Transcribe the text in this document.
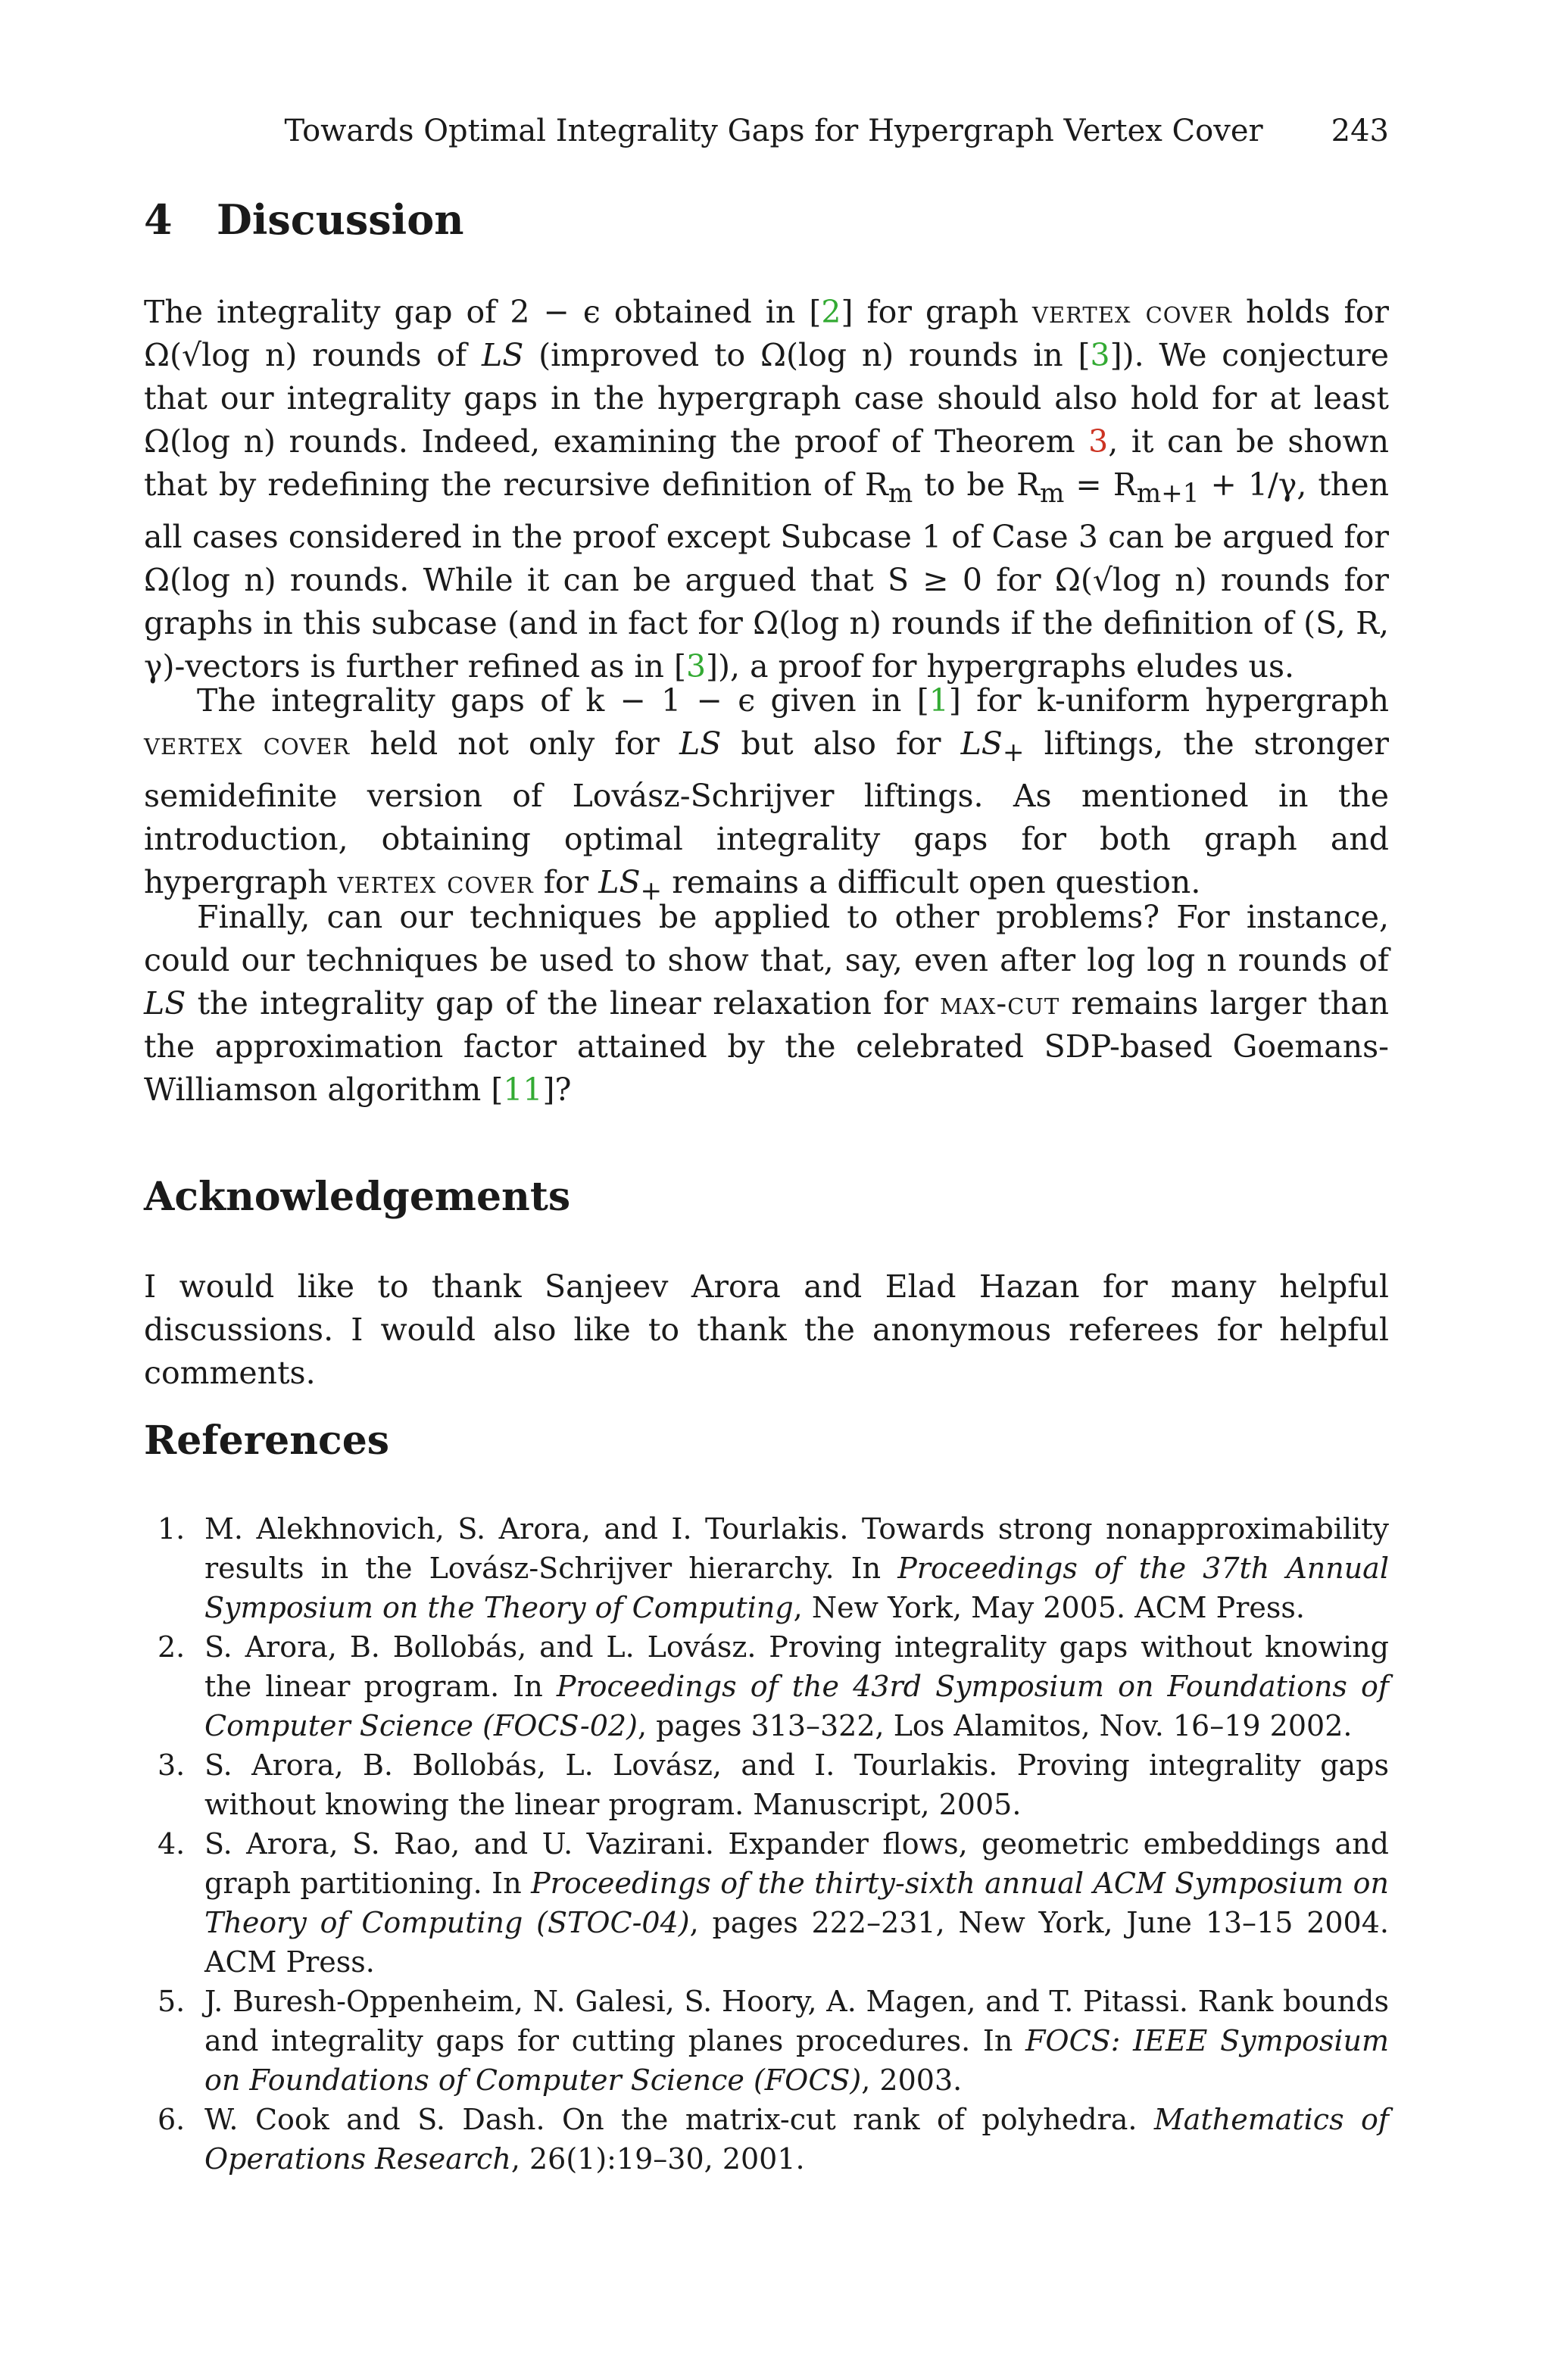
Towards Optimal Integrality Gaps for Hypergraph Vertex Cover 243
4 Discussion

The integrality gap of 2 − ϵ obtained in [2] for graph vertex cover holds for Ω(√log n) rounds of LS (improved to Ω(log n) rounds in [3]). We conjecture that our integrality gaps in the hypergraph case should also hold for at least Ω(log n) rounds. Indeed, examining the proof of Theorem 3, it can be shown that by redefining the recursive definition of $R_m$ to be $R_m = R_{m+1} + 1/\gamma$, then all cases considered in the proof except Subcase 1 of Case 3 can be argued for Ω(log n) rounds. While it can be argued that S ≥ 0 for Ω(√log n) rounds for graphs in this subcase (and in fact for Ω(log n) rounds if the definition of (S, R, γ)-vectors is further refined as in [3]), a proof for hypergraphs eludes us.

The integrality gaps of k − 1 − ϵ given in [1] for k-uniform hypergraph vertex cover held not only for LS but also for $LS_+$ liftings, the stronger semidefinite version of Lovász-Schrijver liftings. As mentioned in the introduction, obtaining optimal integrality gaps for both graph and hypergraph vertex cover for $LS_+$ remains a difficult open question.

Finally, can our techniques be applied to other problems? For instance, could our techniques be used to show that, say, even after log log n rounds of LS the integrality gap of the linear relaxation for max-cut remains larger than the approximation factor attained by the celebrated SDP-based Goemans-Williamson algorithm [11]?

Acknowledgements

I would like to thank Sanjeev Arora and Elad Hazan for many helpful discussions. I would also like to thank the anonymous referees for helpful comments.

References
1. M. Alekhnovich, S. Arora, and I. Tourlakis. Towards strong nonapproximability results in the Lovász-Schrijver hierarchy. In Proceedings of the 37th Annual Symposium on the Theory of Computing, New York, May 2005. ACM Press.
2. S. Arora, B. Bollobás, and L. Lovász. Proving integrality gaps without knowing the linear program. In Proceedings of the 43rd Symposium on Foundations of Computer Science (FOCS-02), pages 313–322, Los Alamitos, Nov. 16–19 2002.
3. S. Arora, B. Bollobás, L. Lovász, and I. Tourlakis. Proving integrality gaps without knowing the linear program. Manuscript, 2005.
4. S. Arora, S. Rao, and U. Vazirani. Expander flows, geometric embeddings and graph partitioning. In Proceedings of the thirty-sixth annual ACM Symposium on Theory of Computing (STOC-04), pages 222–231, New York, June 13–15 2004. ACM Press.
5. J. Buresh-Oppenheim, N. Galesi, S. Hoory, A. Magen, and T. Pitassi. Rank bounds and integrality gaps for cutting planes procedures. In FOCS: IEEE Symposium on Foundations of Computer Science (FOCS), 2003.
6. W. Cook and S. Dash. On the matrix-cut rank of polyhedra. Mathematics of Operations Research, 26(1):19–30, 2001.
